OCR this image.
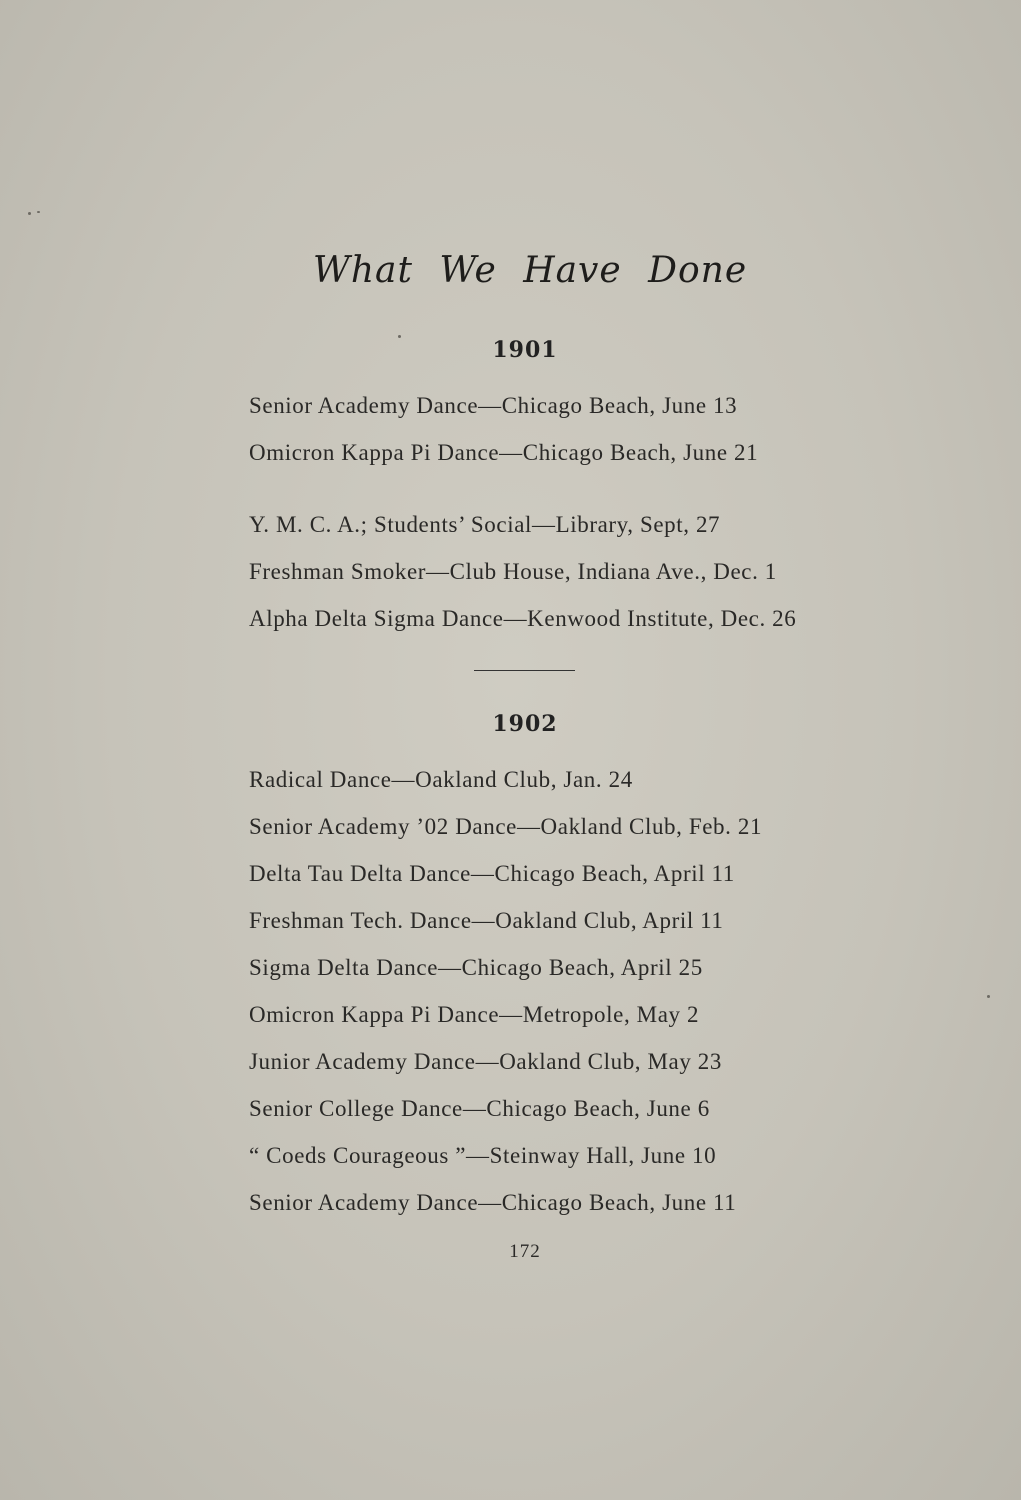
What We Have Done
1901
Senior Academy Dance—Chicago Beach, June 13
Omicron Kappa Pi Dance—Chicago Beach, June 21
Y. M. C. A.; Students’ Social—Library, Sept, 27
Freshman Smoker—Club House, Indiana Ave., Dec. 1
Alpha Delta Sigma Dance—Kenwood Institute, Dec. 26
1902
Radical Dance—Oakland Club, Jan. 24
Senior Academy ’02 Dance—Oakland Club, Feb. 21
Delta Tau Delta Dance—Chicago Beach, April 11
Freshman Tech. Dance—Oakland Club, April 11
Sigma Delta Dance—Chicago Beach, April 25
Omicron Kappa Pi Dance—Metropole, May 2
Junior Academy Dance—Oakland Club, May 23
Senior College Dance—Chicago Beach, June 6
“ Coeds Courageous ”—Steinway Hall, June 10
Senior Academy Dance—Chicago Beach, June 11
172
